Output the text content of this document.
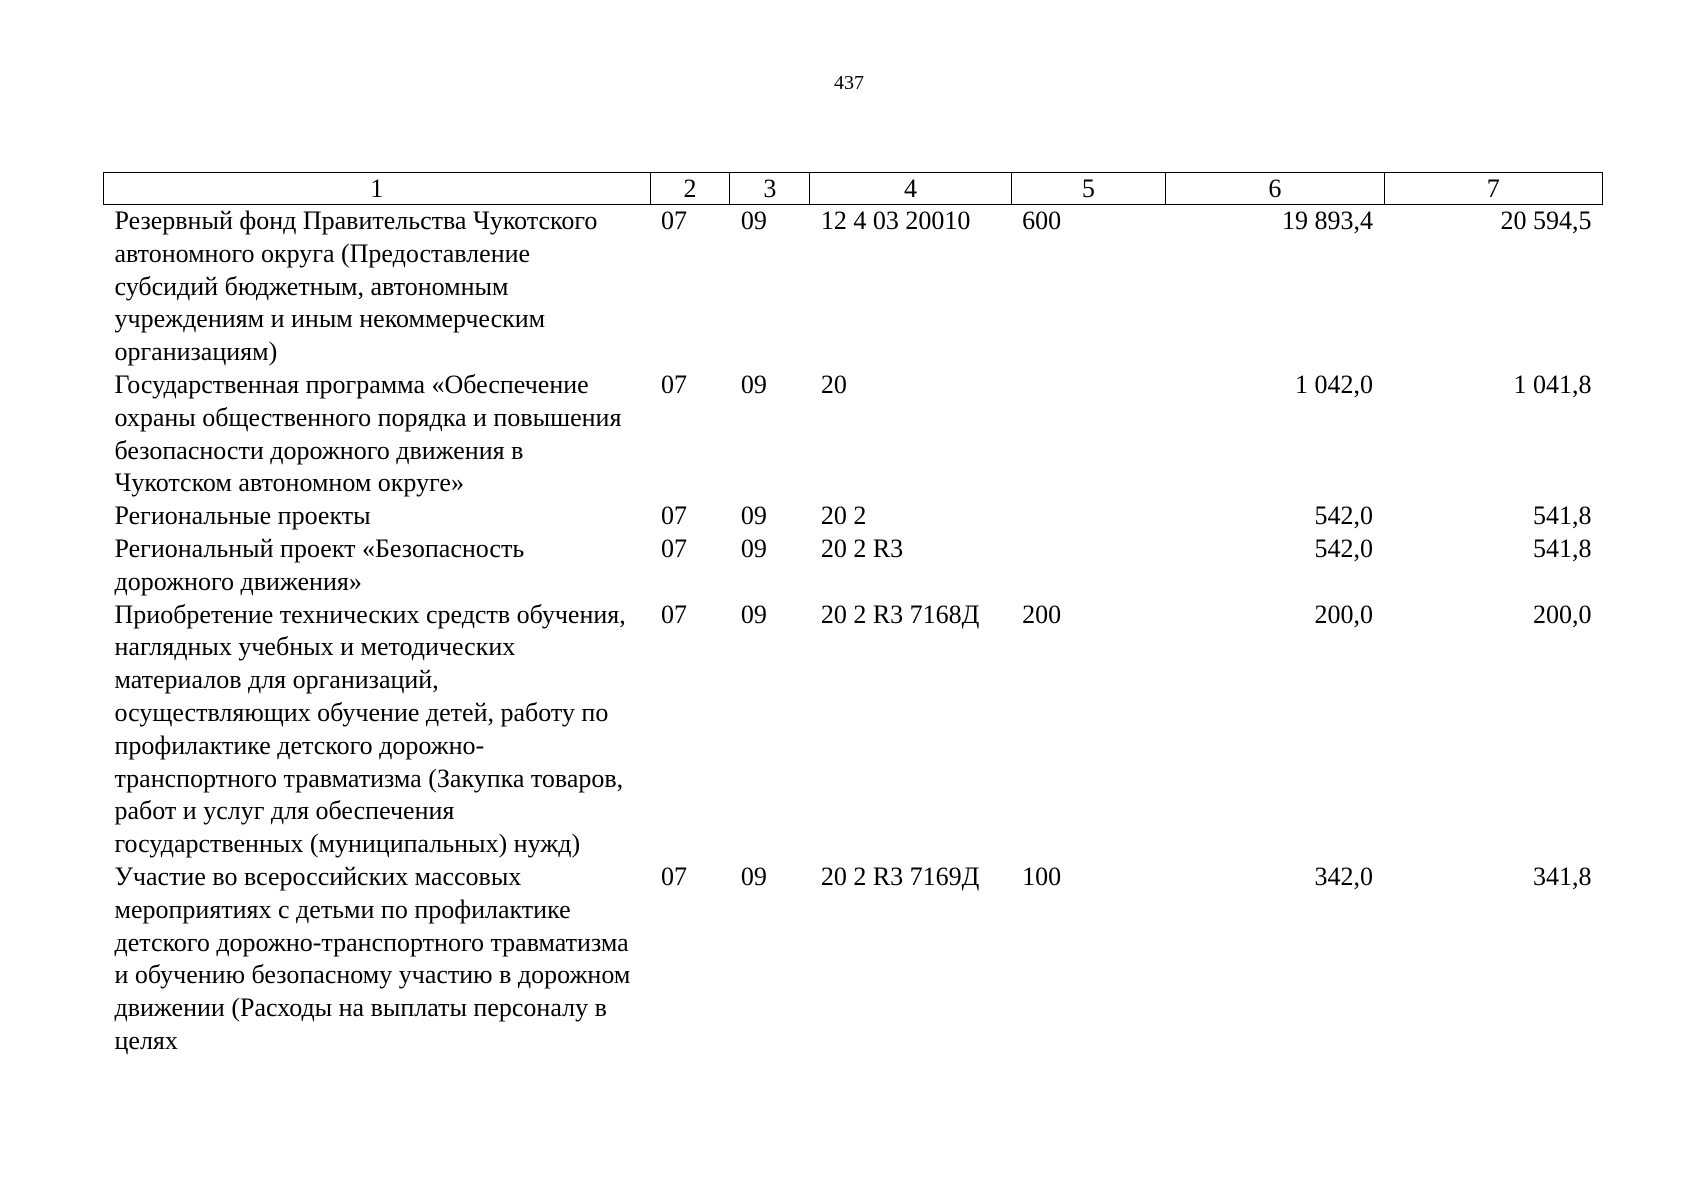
437
1	2	3	4	5	6	7
Резервный фонд Правительства Чукотского автономного округа (Предоставление субсидий бюджетным, автономным учреждениям и иным некоммерческим организациям)	07	09	12 4 03 20010	600	19 893,4	20 594,5
Государственная программа «Обеспечение охраны общественного порядка и повышения безопасности дорожного движения в Чукотском автономном округе»	07	09	20		1 042,0	1 041,8
Региональные проекты	07	09	20 2		542,0	541,8
Региональный проект «Безопасность дорожного движения»	07	09	20 2 R3		542,0	541,8
Приобретение технических средств обучения, наглядных учебных и методических материалов для организаций, осуществляющих обучение детей, работу по профилактике детского дорожно-транспортного травматизма (Закупка товаров, работ и услуг для обеспечения государственных (муниципальных) нужд)	07	09	20 2 R3 7168Д	200	200,0	200,0
Участие во всероссийских массовых мероприятиях с детьми по профилактике детского дорожно-транспортного травматизма и обучению безопасному участию в дорожном движении (Расходы на выплаты персоналу в целях	07	09	20 2 R3 7169Д	100	342,0	341,8
